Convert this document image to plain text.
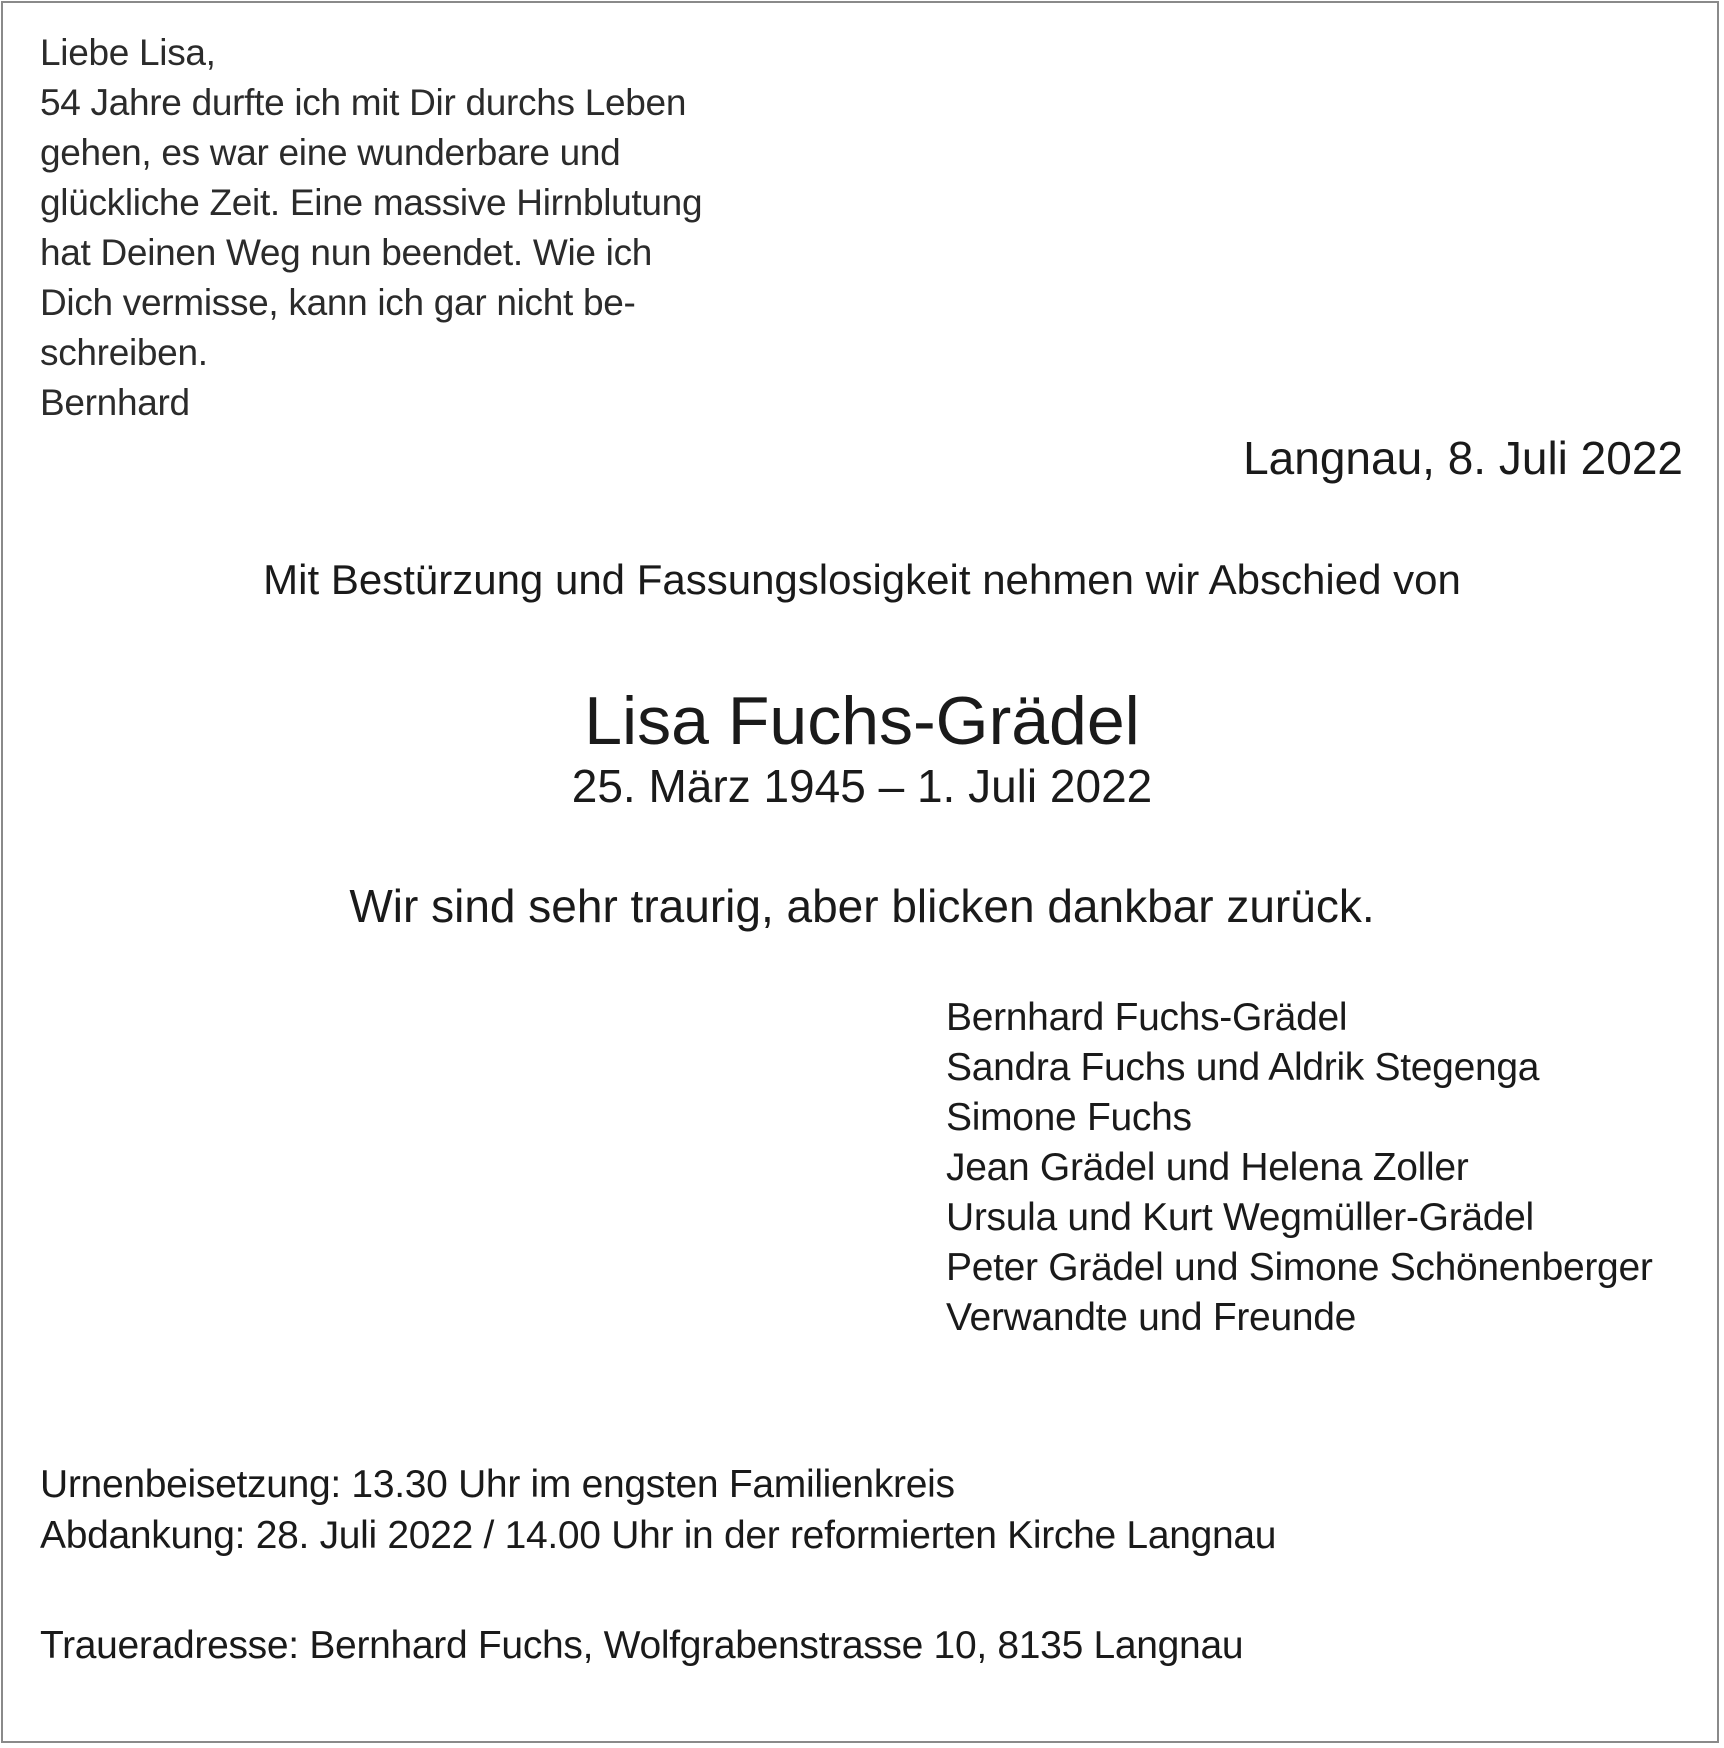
Liebe Lisa,
54 Jahre durfte ich mit Dir durchs Leben
gehen, es war eine wunderbare und
glückliche Zeit. Eine massive Hirnblutung
hat Deinen Weg nun beendet. Wie ich
Dich vermisse, kann ich gar nicht be-
schreiben.
Bernhard
Langnau, 8. Juli 2022
Mit Bestürzung und Fassungslosigkeit nehmen wir Abschied von
Lisa Fuchs-Grädel
25. März 1945 – 1. Juli 2022
Wir sind sehr traurig, aber blicken dankbar zurück.
Bernhard Fuchs-Grädel
Sandra Fuchs und Aldrik Stegenga
Simone Fuchs
Jean Grädel und Helena Zoller
Ursula und Kurt Wegmüller-Grädel
Peter Grädel und Simone Schönenberger
Verwandte und Freunde
Urnenbeisetzung: 13.30 Uhr im engsten Familienkreis
Abdankung: 28. Juli 2022 / 14.00 Uhr in der reformierten Kirche Langnau
Traueradresse: Bernhard Fuchs, Wolfgrabenstrasse 10, 8135 Langnau
